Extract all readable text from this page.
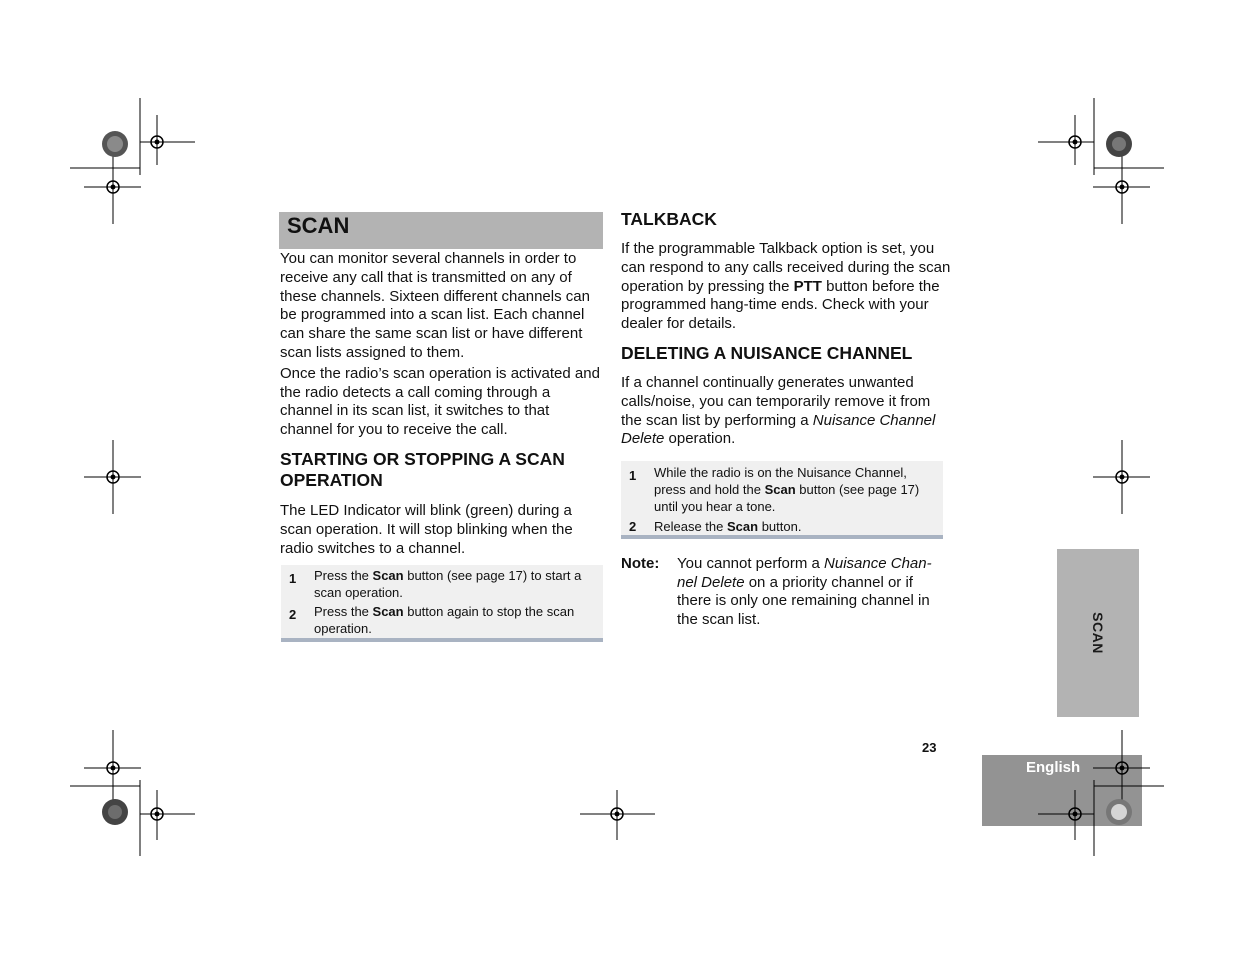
SCAN

You can monitor several channels in order to receive any call that is transmitted on any of these channels. Sixteen different channels can be programmed into a scan list. Each channel can share the same scan list or have different scan lists assigned to them.

Once the radio’s scan operation is activated and the radio detects a call coming through a channel in its scan list, it switches to that channel for you to receive the call.

STARTING OR STOPPING A SCAN

OPERATION

The LED Indicator will blink (green) during a scan operation. It will stop blinking when the radio switches to a channel.

1 Press the Scan button (see page 17) to start a scan operation.
2 Press the Scan button again to stop the scan operation.

TALKBACK

If the programmable Talkback option is set, you can respond to any calls received during the scan operation by pressing the PTT button before the programmed hang-time ends. Check with your dealer for details.

DELETING A NUISANCE CHANNEL

If a channel continually generates unwanted calls/noise, you can temporarily remove it from the scan list by performing a Nuisance Channel Delete operation.

1 While the radio is on the Nuisance Channel, press and hold the Scan button (see page 17) until you hear a tone.
2 Release the Scan button.
Note: You cannot perform a Nuisance Chan-nel Delete on a priority channel or if there is only one remaining channel in the scan list.	SCAN
23
English
